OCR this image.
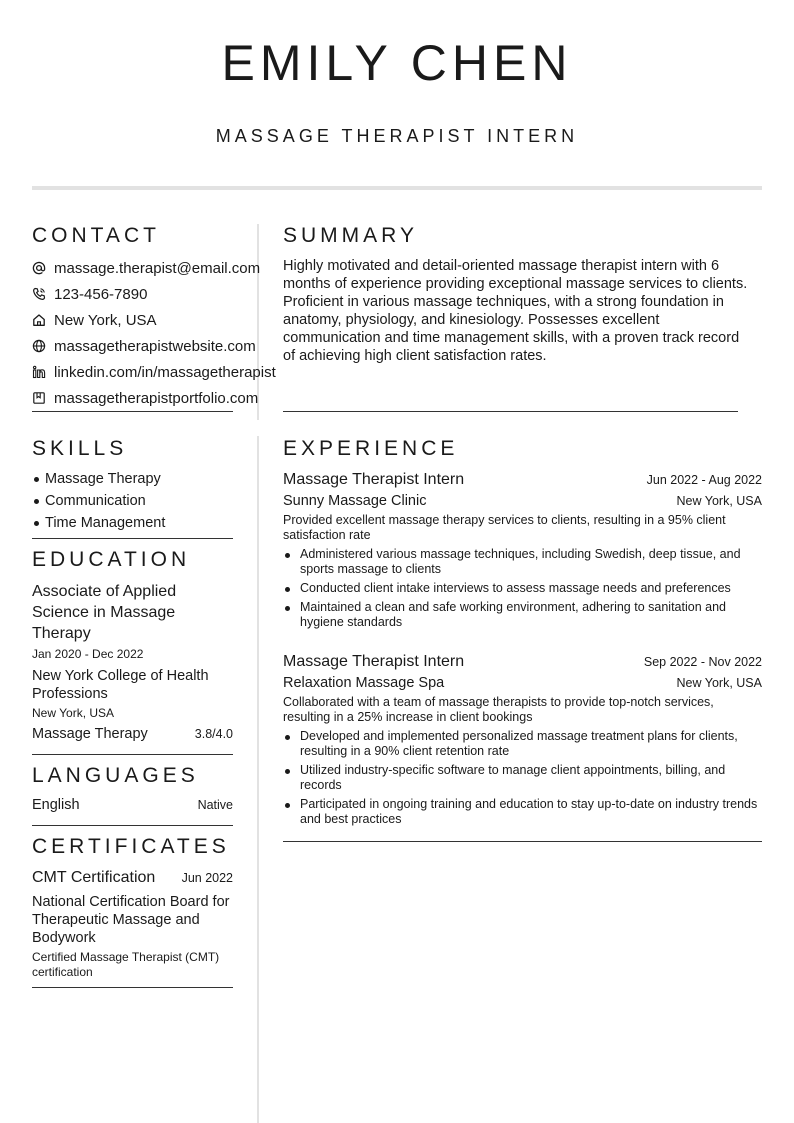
EMILY CHEN
MASSAGE THERAPIST INTERN
CONTACT
massage.therapist@email.com
123-456-7890
New York, USA
massagetherapistwebsite.com
linkedin.com/in/massagetherapist
massagetherapistportfolio.com
SUMMARY

Highly motivated and detail-oriented massage therapist intern with 6 months of experience providing exceptional massage services to clients. Proficient in various massage techniques, with a strong foundation in anatomy, physiology, and kinesiology. Possesses excellent communication and time management skills, with a proven track record of achieving high client satisfaction rates.

SKILLS
Massage Therapy
Communication
Time Management
EDUCATION

Associate of Applied Science in Massage Therapy

Jan 2020 - Dec 2022
New York College of Health Professions
New York, USA
Massage Therapy	3.8/4.0
LANGUAGES
English	Native
CERTIFICATES
CMT Certification Jun 2022
National Certification Board for Therapeutic Massage and Bodywork
Certified Massage Therapist (CMT) certification
EXPERIENCE
Massage Therapist Intern	Jun 2022 - Aug 2022
Sunny Massage Clinic	New York, USA

Provided excellent massage therapy services to clients, resulting in a 95% client satisfaction rate

Administered various massage techniques, including Swedish, deep tissue, and sports massage to clients
Conducted client intake interviews to assess massage needs and preferences
Maintained a clean and safe working environment, adhering to sanitation and hygiene standards
Massage Therapist Intern	Sep 2022 - Nov 2022
Relaxation Massage Spa	New York, USA

Collaborated with a team of massage therapists to provide top-notch services, resulting in a 25% increase in client bookings

Developed and implemented personalized massage treatment plans for clients, resulting in a 90% client retention rate
Utilized industry-specific software to manage client appointments, billing, and records
Participated in ongoing training and education to stay up-to-date on industry trends and best practices
